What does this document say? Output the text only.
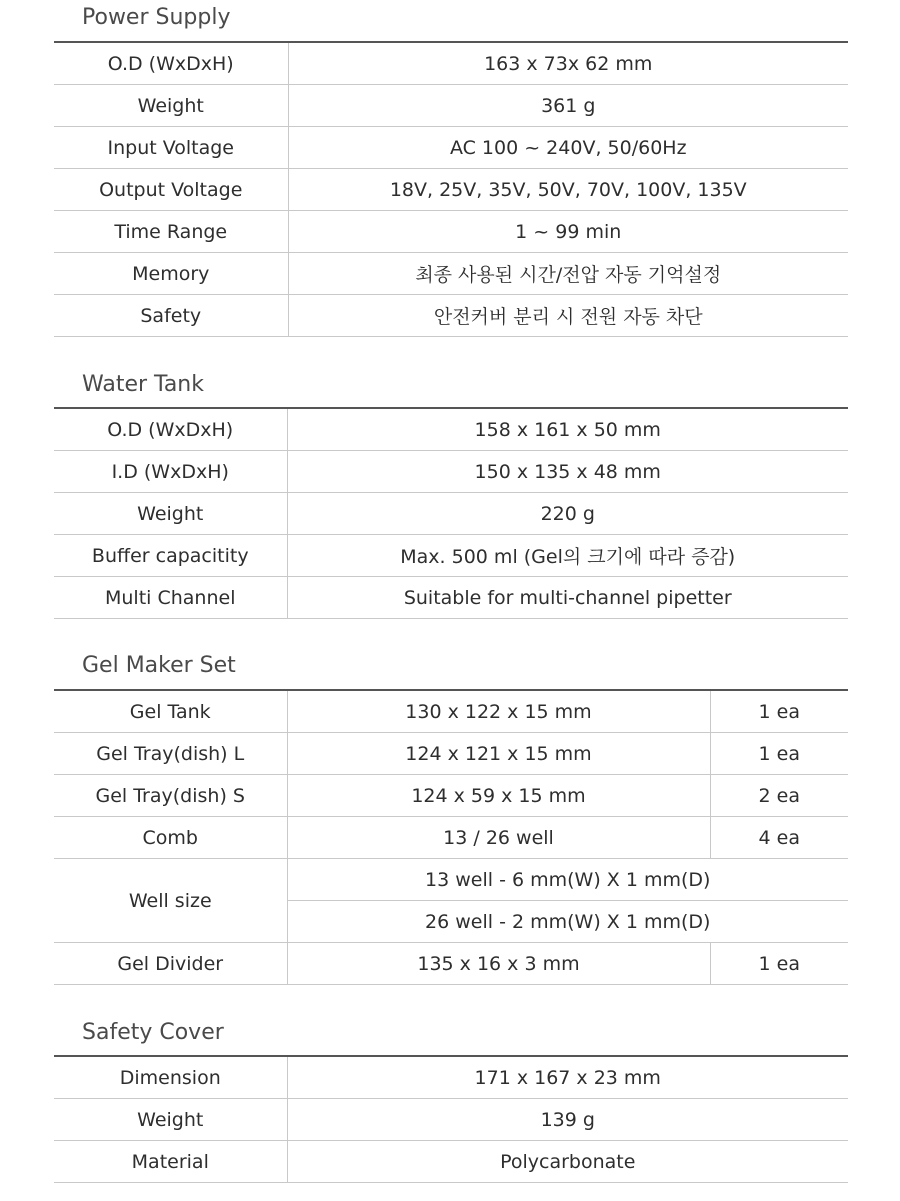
Power Supply
O.D (WxDxH)	163 x 73x 62 mm
Weight	361 g
Input Voltage	AC 100 ~ 240V, 50/60Hz
Output Voltage	18V, 25V, 35V, 50V, 70V, 100V, 135V
Time Range	1 ~ 99 min
Memory	최종 사용된 시간/전압 자동 기억설정
Safety	안전커버 분리 시 전원 자동 차단
Water Tank
O.D (WxDxH)	158 x 161 x 50 mm
I.D (WxDxH)	150 x 135 x 48 mm
Weight	220 g
Buffer capacitity	Max. 500 ml (Gel의 크기에 따라 증감)
Multi Channel	Suitable for multi-channel pipetter
Gel Maker Set
Gel Tank	130 x 122 x 15 mm	1 ea
Gel Tray(dish) L	124 x 121 x 15 mm	1 ea
Gel Tray(dish) S	124 x 59 x 15 mm	2 ea
Comb	13 / 26 well	4 ea
Well size	13 well - 6 mm(W) X 1 mm(D)	
	26 well - 2 mm(W) X 1 mm(D)	
Gel Divider	135 x 16 x 3 mm	1 ea
Safety Cover
Dimension	171 x 167 x 23 mm
Weight	139 g
Material	Polycarbonate
